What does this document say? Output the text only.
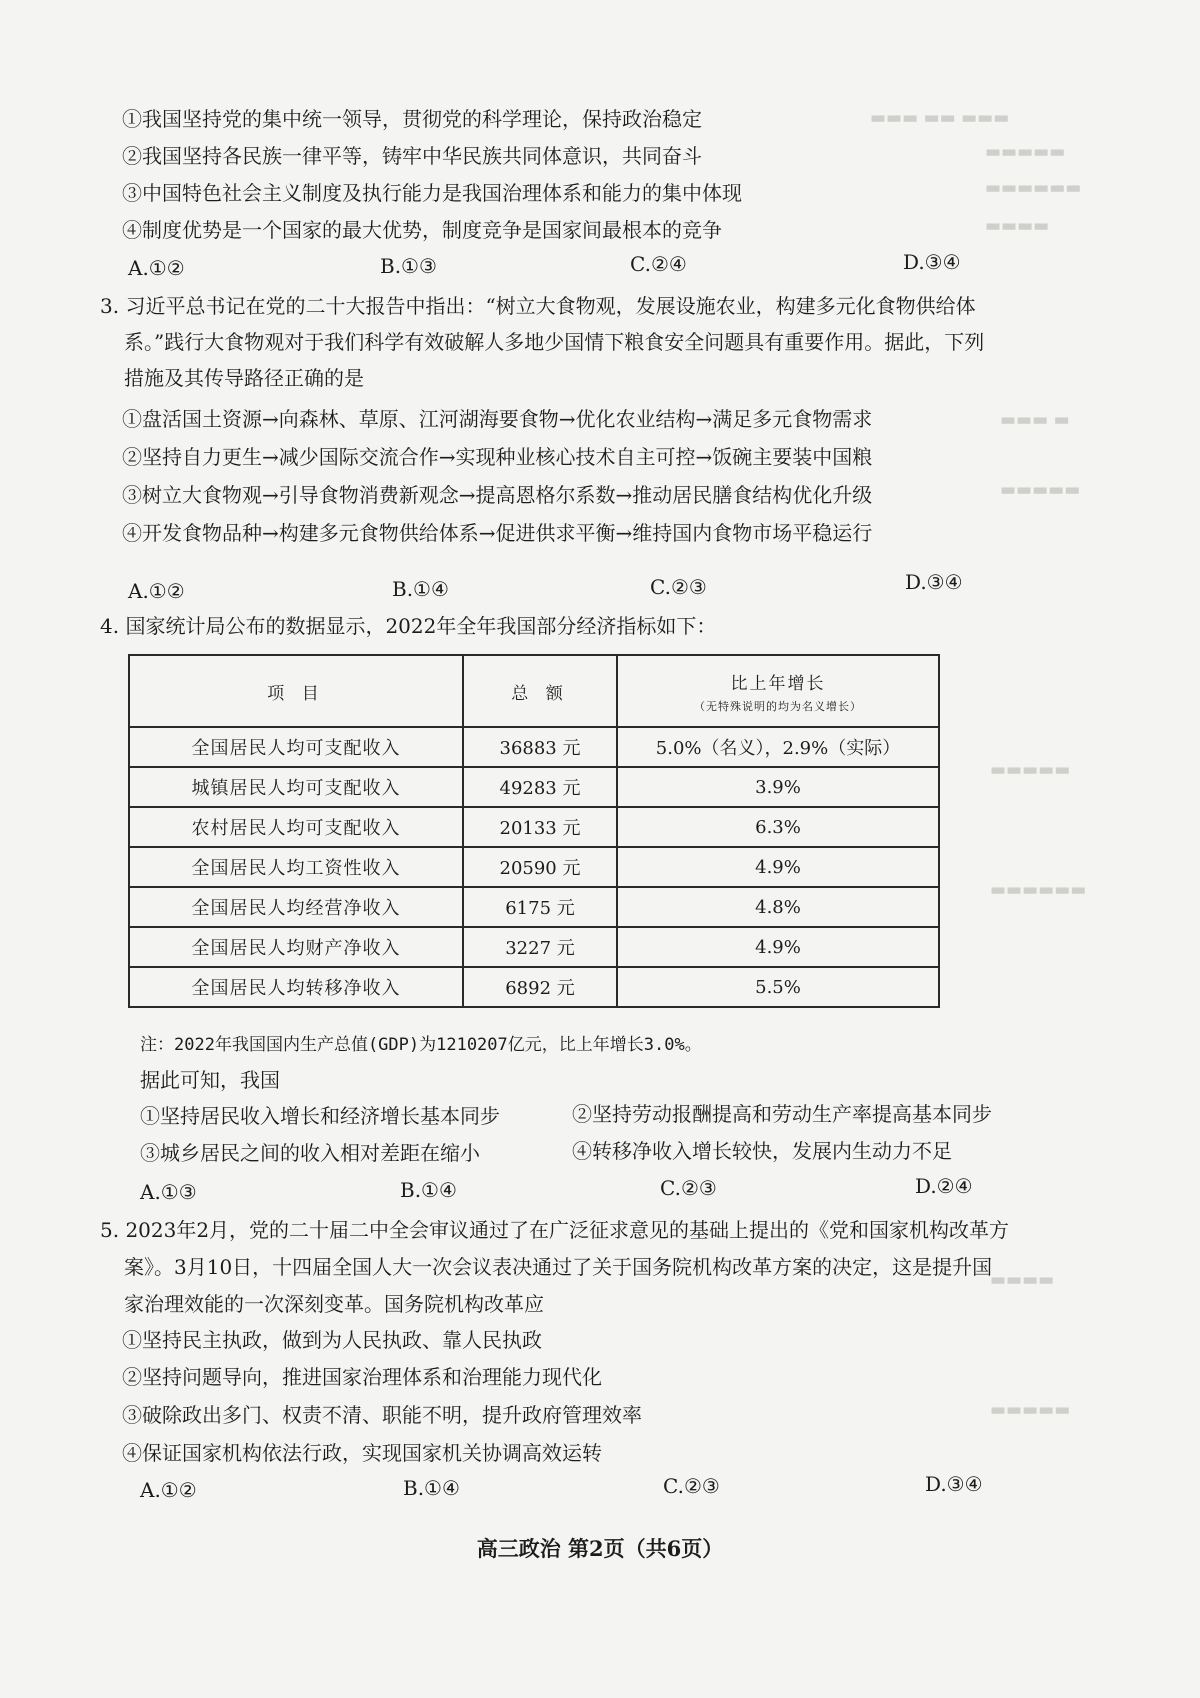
▬▬▬ ▬▬ ▬▬▬
▬▬▬▬▬
▬▬▬▬▬▬
▬▬▬▬
▬▬▬ ▬
▬▬▬▬▬
▬▬▬▬▬
▬▬▬▬▬▬
▬▬▬▬
▬▬▬▬▬
①我国坚持党的集中统一领导，贯彻党的科学理论，保持政治稳定
②我国坚持各民族一律平等，铸牢中华民族共同体意识，共同奋斗
③中国特色社会主义制度及执行能力是我国治理体系和能力的集中体现
④制度优势是一个国家的最大优势，制度竞争是国家间最根本的竞争
A.①②	B.①③	C.②④	D.③④
3. 习近平总书记在党的二十大报告中指出：“树立大食物观，发展设施农业，构建多元化食物供给体
系。”践行大食物观对于我们科学有效破解人多地少国情下粮食安全问题具有重要作用。据此，下列
措施及其传导路径正确的是
①盘活国土资源→向森林、草原、江河湖海要食物→优化农业结构→满足多元食物需求
②坚持自力更生→减少国际交流合作→实现种业核心技术自主可控→饭碗主要装中国粮
③树立大食物观→引导食物消费新观念→提高恩格尔系数→推动居民膳食结构优化升级
④开发食物品种→构建多元食物供给体系→促进供求平衡→维持国内食物市场平稳运行
A.①②	B.①④	C.②③	D.③④
4. 国家统计局公布的数据显示，2022年全年我国部分经济指标如下：
项 目	总 额	比上年增长
（无特殊说明的均为名义增长）

全国居民人均可支配收入	36883 元	5.0%（名义），2.9%（实际）
城镇居民人均可支配收入	49283 元	3.9%
农村居民人均可支配收入	20133 元	6.3%
全国居民人均工资性收入	20590 元	4.9%
全国居民人均经营净收入	6175 元	4.8%
全国居民人均财产净收入	3227 元	4.9%
全国居民人均转移净收入	6892 元	5.5%
注：2022年我国国内生产总值(GDP)为1210207亿元，比上年增长3.0%。
据此可知，我国
①坚持居民收入增长和经济增长基本同步	②坚持劳动报酬提高和劳动生产率提高基本同步
③城乡居民之间的收入相对差距在缩小	④转移净收入增长较快，发展内生动力不足
A.①③	B.①④	C.②③	D.②④
5. 2023年2月，党的二十届二中全会审议通过了在广泛征求意见的基础上提出的《党和国家机构改革方
案》。3月10日，十四届全国人大一次会议表决通过了关于国务院机构改革方案的决定，这是提升国
家治理效能的一次深刻变革。国务院机构改革应
①坚持民主执政，做到为人民执政、靠人民执政
②坚持问题导向，推进国家治理体系和治理能力现代化
③破除政出多门、权责不清、职能不明，提升政府管理效率
④保证国家机构依法行政，实现国家机关协调高效运转
A.①②	B.①④	C.②③	D.③④
高三政治 第2页（共6页）
